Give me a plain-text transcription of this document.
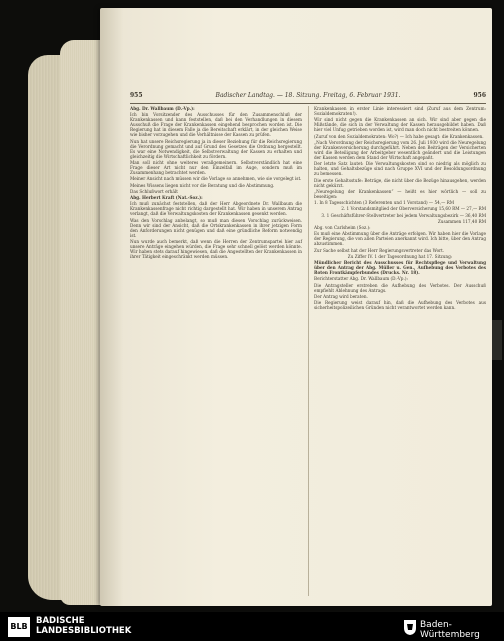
955	Badischer Landtag. — 18. Sitzung. Freitag, 6. Februar 1931.	956

Abg. Dr. Wallbaum (D.-Vp.):

Ich bin Vorsitzender des Ausschusses für den Zusammenschluß der Krankenkassen und kann feststellen, daß bei den Verhandlungen in diesem Ausschuß die Frage der Krankenkassen eingehend besprochen worden ist. Die Regierung hat in diesem Falle ja die Bereitschaft erklärt, in der gleichen Weise wie bisher vorzugehen und die Verhältnisse der Kassen zu prüfen.

Nun hat unsere Reichsregierung ja in dieser Beziehung für die Reichsregierung die Verordnung gemacht und auf Grund des Gesetzes die Ordnung hergestellt. Es war eine Notwendigkeit, die Selbstverwaltung der Kassen zu erhalten und gleichzeitig die Wirtschaftlichkeit zu fördern.

Man soll nicht ohne weiteres verallgemeinern. Selbstverständlich hat eine Frage dieser Art nicht nur den Einzelfall im Auge, sondern muß im Zusammenhang betrachtet werden.

Meiner Ansicht nach müssen wir die Vorlage so annehmen, wie sie vorgelegt ist.

Meines Wissens liegen nicht vor die Beratung und die Abstimmung.

Das Schlußwort erhält

Abg. Herbert Kraft (Nat.-Soz.):

Ich muß zunächst feststellen, daß der Herr Abgeordnete Dr. Wallbaum die Krankenkassenfrage nicht richtig dargestellt hat. Wir haben in unserem Antrag verlangt, daß die Verwaltungskosten der Krankenkassen gesenkt werden.

Was den Vorschlag anbelangt, so muß man diesen Vorschlag zurückweisen. Denn wir sind der Ansicht, daß die Ortskrankenkassen in ihrer jetzigen Form den Anforderungen nicht genügen und daß eine gründliche Reform notwendig ist.

Nun wurde auch bemerkt, daß wenn die Herren der Zentrumspartei hier auf unsere Anträge eingehen würden, die Frage sehr schnell gelöst werden könnte. Wir haben stets darauf hingewiesen, daß die Angestellten der Krankenkassen in ihrer Tätigkeit eingeschränkt werden müssen.

Krankenkassen in erster Linie interessiert sind (Zuruf aus dem Zentrum: Sozialdemokraten!).

Wir sind nicht gegen die Krankenkassen an sich. Wir sind aber gegen die Mißstände, die sich in der Verwaltung der Kassen herausgebildet haben. Daß hier viel Unfug getrieben worden ist, wird man doch nicht bestreiten können.

(Zuruf von den Sozialdemokraten: Wo?) — Ich habe gesagt: die Krankenkassen.

„Nach Verordnung der Reichsregierung vom 26. Juli 1930 wird die Neuregelung der Krankenversicherung durchgeführt. Neben den Beiträgen der Versicherten wird die Beteiligung der Arbeitgeber wesentlich geändert und die Leistungen der Kassen werden dem Stand der Wirtschaft angepaßt.

Der letzte Satz lautet: Die Verwaltungskosten sind so niedrig als möglich zu halten, und Gehaltsbezüge sind nach Gruppe XVI und der Besoldungsordnung zu bemessen.

Die erste Gehaltsstufe: Beträge, die nicht über die Bezüge hinausgehen, werden nicht gekürzt.

„Neuregelung der Krankenkassen“ — heißt es hier wörtlich — soll zu beseitigen:

1. In 8 Tagesschichten (3 Referenten und 1 Vorstand) — 54,— RM

2. 1 Vorstandsmitglied der Oberversicherung 15,60 RM — 27,— RM

3. 1 Geschäftsführer-Stellvertreter bei jedem Verwaltungsbezirk — 36,40 RM

Zusammen 117,40 RM

Abg. von Carlsheim (Soz.):

Es muß eine Abstimmung über die Anträge erfolgen. Wir haben hier die Vorlage der Regierung, die von allen Parteien anerkannt wird. Ich bitte, über den Antrag abzustimmen.

Zur Sache selbst hat der Herr Regierungsvertreter das Wort.

Zu Ziffer IV. 1 der Tagesordnung hat 17. Sitzung:

Mündlicher Bericht des Ausschusses für Rechtspflege und Verwaltung über den Antrag der Abg. Müller u. Gen., Aufhebung des Verbotes des Roten Frontkämpferbundes (Drucks. Nr. 18).

Berichterstatter Abg. Dr. Wallbaum (D.-Vp.):

Die Antragsteller erstreben die Aufhebung des Verbotes. Der Ausschuß empfiehlt Ablehnung des Antrags.

Der Antrag wird beraten.

Die Regierung weist darauf hin, daß die Aufhebung des Verbotes aus sicherheitspolizeilichen Gründen nicht verantwortet werden kann.

BLB
BADISCHE
LANDESBIBLIOTHEK
Baden-Württemberg
